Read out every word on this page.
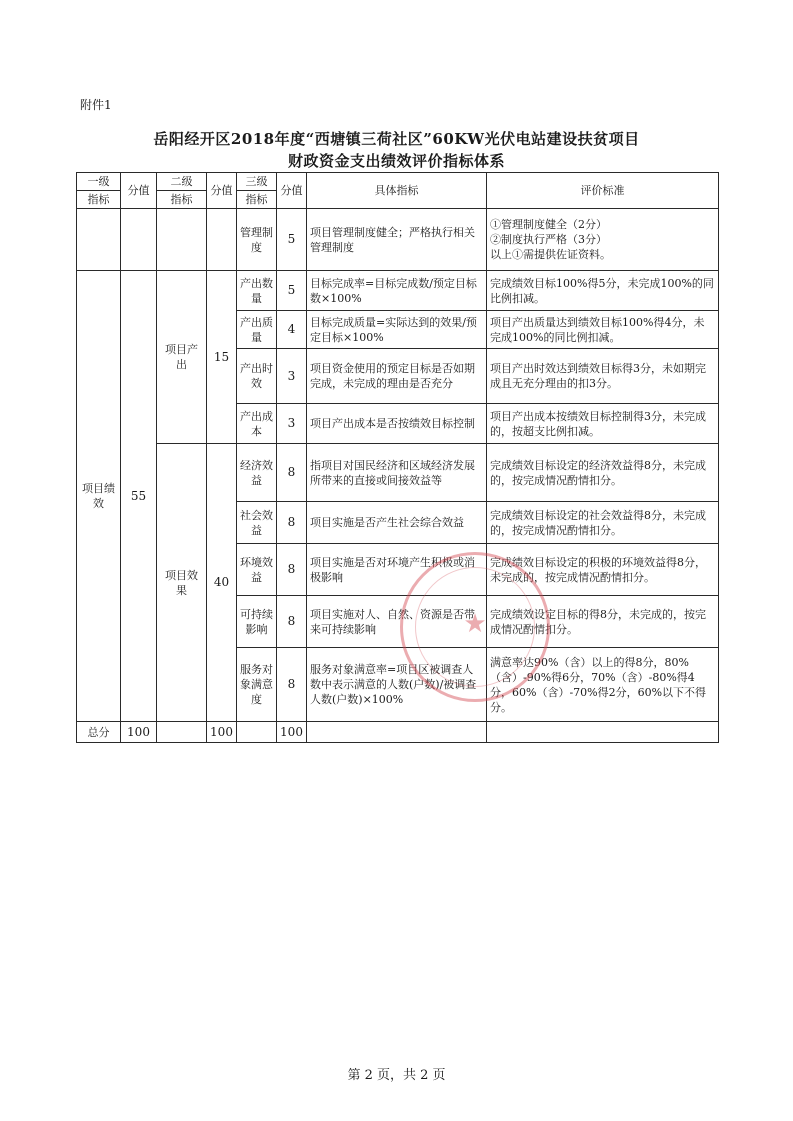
附件1
岳阳经开区2018年度“西塘镇三荷社区”60KW光伏电站建设扶贫项目
财政资金支出绩效评价指标体系
一级	分值	二级	分值	三级	分值	具体指标	评价标准
指标		指标		指标			
				管理制度	5	项目管理制度健全；严格执行相关管理制度	①管理制度健全（2分）
②制度执行严格（3分）
以上①需提供佐证资料。

项目绩效	55	项目产出	15	产出数量	5	目标完成率=目标完成数/预定目标数×100%	完成绩效目标100%得5分，未完成100%的同比例扣减。
				产出质量	4	目标完成质量=实际达到的效果/预定目标×100%	项目产出质量达到绩效目标100%得4分，未完成100%的同比例扣减。
				产出时效	3	项目资金使用的预定目标是否如期完成，未完成的理由是否充分	项目产出时效达到绩效目标得3分，未如期完成且无充分理由的扣3分。
				产出成本	3	项目产出成本是否按绩效目标控制	项目产出成本按绩效目标控制得3分，未完成的，按超支比例扣减。
		项目效果	40	经济效益	8	指项目对国民经济和区域经济发展所带来的直接或间接效益等	完成绩效目标设定的经济效益得8分，未完成的，按完成情况酌情扣分。
				社会效益	8	项目实施是否产生社会综合效益	完成绩效目标设定的社会效益得8分，未完成的，按完成情况酌情扣分。
				环境效益	8	项目实施是否对环境产生积极或消极影响	完成绩效目标设定的积极的环境效益得8分，未完成的，按完成情况酌情扣分。
				可持续影响	8	项目实施对人、自然、资源是否带来可持续影响	完成绩效设定目标的得8分，未完成的，按完成情况酌情扣分。
				服务对象满意度	8	服务对象满意率=项目区被调查人数中表示满意的人数(户数)/被调查人数(户数)×100%	满意率达90%（含）以上的得8分，80%（含）-90%得6分，70%（含）-80%得4分，60%（含）-70%得2分，60%以下不得分。
总分	100		100		100		
★
第 2 页，共 2 页
